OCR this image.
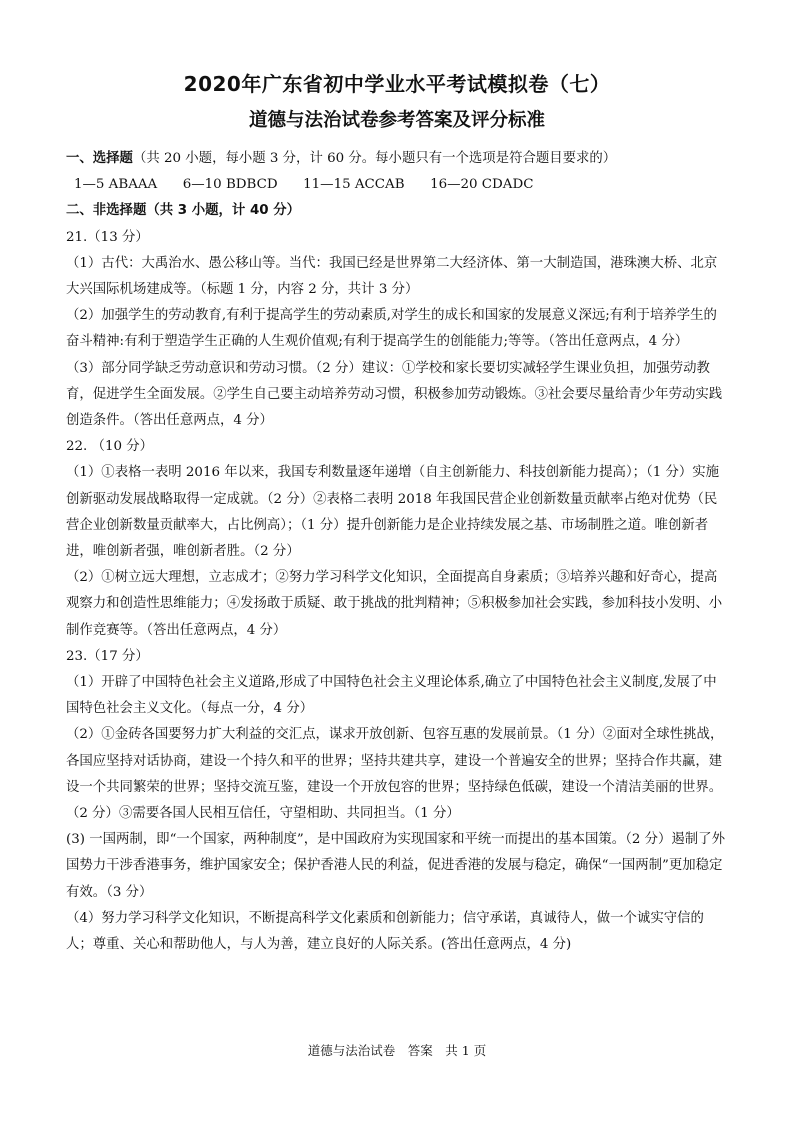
2020年广东省初中学业水平考试模拟卷（七）
道德与法治试卷参考答案及评分标准

一、选择题（共 20 小题，每小题 3 分，计 60 分。每小题只有一个选项是符合题目要求的）

1—5 ABAAA      6—10 BDBCD      11—15 ACCAB      16—20 CDADC

二、非选择题（共 3 小题，计 40 分）

21.（13 分）

（1）古代：大禹治水、愚公移山等。当代：我国已经是世界第二大经济体、第一大制造国，港珠澳大桥、北京大兴国际机场建成等。（标题 1 分，内容 2 分，共计 3 分）

（2）加强学生的劳动教育,有利于提高学生的劳动素质,对学生的成长和国家的发展意义深远;有利于培养学生的奋斗精神:有利于塑造学生正确的人生观价值观;有利于提高学生的创能能力;等等。（答出任意两点，4 分）

（3）部分同学缺乏劳动意识和劳动习惯。（2 分）建议：①学校和家长要切实减轻学生课业负担，加强劳动教育，促进学生全面发展。②学生自己要主动培养劳动习惯，积极参加劳动锻炼。③社会要尽量给青少年劳动实践创造条件。（答出任意两点，4 分）

22. （10 分）

（1）①表格一表明 2016 年以来，我国专利数量逐年递增（自主创新能力、科技创新能力提高）；（1 分）实施创新驱动发展战略取得一定成就。（2 分）②表格二表明 2018 年我国民营企业创新数量贡献率占绝对优势（民营企业创新数量贡献率大，占比例高）；（1 分）提升创新能力是企业持续发展之基、市场制胜之道。唯创新者进，唯创新者强，唯创新者胜。（2 分）

（2）①树立远大理想，立志成才；②努力学习科学文化知识，全面提高自身素质；③培养兴趣和好奇心，提高观察力和创造性思维能力；④发扬敢于质疑、敢于挑战的批判精神；⑤积极参加社会实践，参加科技小发明、小制作竞赛等。（答出任意两点，4 分）

23.（17 分）

（1）开辟了中国特色社会主义道路,形成了中国特色社会主义理论体系,确立了中国特色社会主义制度,发展了中国特色社会主义文化。（每点一分，4 分）

（2）①金砖各国要努力扩大利益的交汇点，谋求开放创新、包容互惠的发展前景。（1 分）②面对全球性挑战，各国应坚持对话协商，建设一个持久和平的世界；坚持共建共享，建设一个普遍安全的世界；坚持合作共赢，建设一个共同繁荣的世界；坚持交流互鉴，建设一个开放包容的世界；坚持绿色低碳，建设一个清洁美丽的世界。（2 分）③需要各国人民相互信任，守望相助、共同担当。（1 分）

(3) 一国两制，即“一个国家，两种制度”，是中国政府为实现国家和平统一而提出的基本国策。（2 分）遏制了外国势力干涉香港事务，维护国家安全；保护香港人民的利益，促进香港的发展与稳定，确保“一国两制”更加稳定有效。（3 分）

（4）努力学习科学文化知识，不断提高科学文化素质和创新能力；信守承诺，真诚待人，做一个诚实守信的人；尊重、关心和帮助他人，与人为善，建立良好的人际关系。(答出任意两点，4 分)

道德与法治试卷　答案　共 1 页
